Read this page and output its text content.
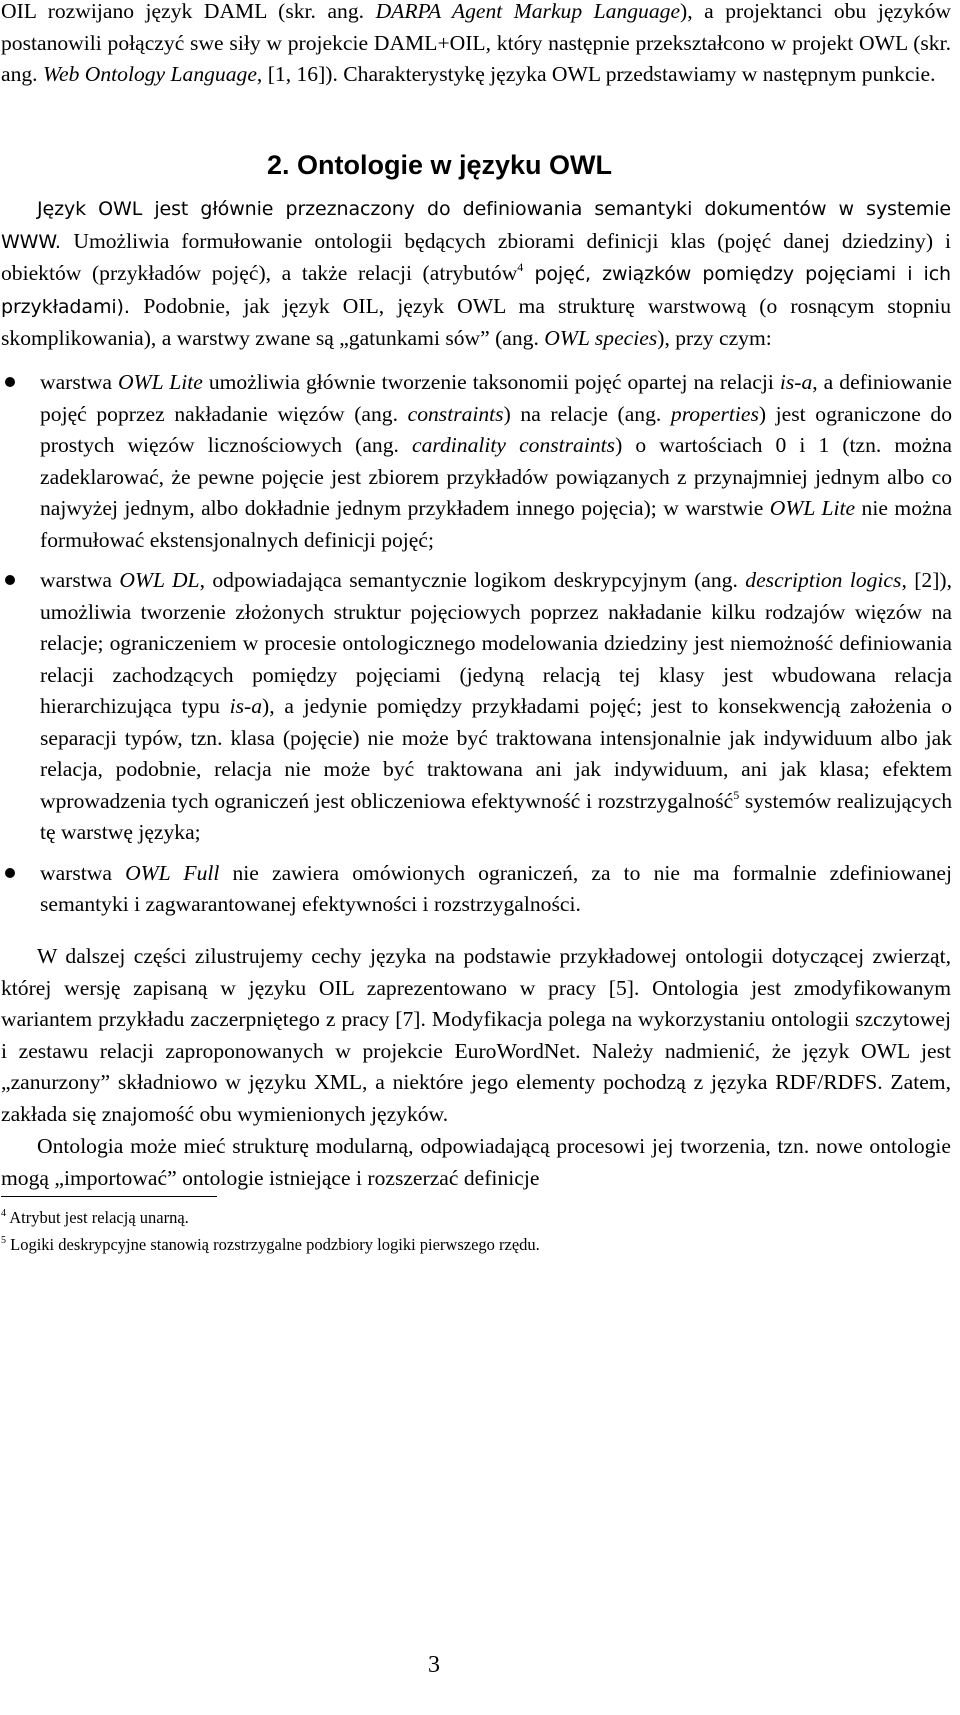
OIL rozwijano język DAML (skr. ang. DARPA Agent Markup Language), a projektanci obu języków postanowili połączyć swe siły w projekcie DAML+OIL, który następnie przekształcono w projekt OWL (skr. ang. Web Ontology Language, [1, 16]). Charakterystykę języka OWL przedstawiamy w następnym punkcie.

2. Ontologie w języku OWL

Język OWL jest głównie przeznaczony do definiowania semantyki dokumentów w systemie WWW. Umożliwia formułowanie ontologii będących zbiorami definicji klas (pojęć danej dziedziny) i obiektów (przykładów pojęć), a także relacji (atrybutów$^4$ pojęć, związków pomiędzy pojęciami i ich przykładami). Podobnie, jak język OIL, język OWL ma strukturę warstwową (o rosnącym stopniu skomplikowania), a warstwy zwane są „gatunkami sów” (ang. OWL species), przy czym:

warstwa OWL Lite umożliwia głównie tworzenie taksonomii pojęć opartej na relacji is-a, a definiowanie pojęć poprzez nakładanie więzów (ang. constraints) na relacje (ang. properties) jest ograniczone do prostych więzów licznościowych (ang. cardinality constraints) o wartościach 0 i 1 (tzn. można zadeklarować, że pewne pojęcie jest zbiorem przykładów powiązanych z przynajmniej jednym albo co najwyżej jednym, albo dokładnie jednym przykładem innego pojęcia); w warstwie OWL Lite nie można formułować ekstensjonalnych definicji pojęć;
warstwa OWL DL, odpowiadająca semantycznie logikom deskrypcyjnym (ang. description logics, [2]), umożliwia tworzenie złożonych struktur pojęciowych poprzez nakładanie kilku rodzajów więzów na relacje; ograniczeniem w procesie ontologicznego modelowania dziedziny jest niemożność definiowania relacji zachodzących pomiędzy pojęciami (jedyną relacją tej klasy jest wbudowana relacja hierarchizująca typu is-a), a jedynie pomiędzy przykładami pojęć; jest to konsekwencją założenia o separacji typów, tzn. klasa (pojęcie) nie może być traktowana intensjonalnie jak indywiduum albo jak relacja, podobnie, relacja nie może być traktowana ani jak indywiduum, ani jak klasa; efektem wprowadzenia tych ograniczeń jest obliczeniowa efektywność i rozstrzygalność$^5$ systemów realizujących tę warstwę języka;
warstwa OWL Full nie zawiera omówionych ograniczeń, za to nie ma formalnie zdefiniowanej semantyki i zagwarantowanej efektywności i rozstrzygalności.

W dalszej części zilustrujemy cechy języka na podstawie przykładowej ontologii dotyczącej zwierząt, której wersję zapisaną w języku OIL zaprezentowano w pracy [5]. Ontologia jest zmodyfikowanym wariantem przykładu zaczerpniętego z pracy [7]. Modyfikacja polega na wykorzystaniu ontologii szczytowej i zestawu relacji zaproponowanych w projekcie EuroWordNet. Należy nadmienić, że język OWL jest „zanurzony” składniowo w języku XML, a niektóre jego elementy pochodzą z języka RDF/RDFS. Zatem, zakłada się znajomość obu wymienionych języków.

Ontologia może mieć strukturę modularną, odpowiadającą procesowi jej tworzenia, tzn. nowe ontologie mogą „importować” ontologie istniejące i rozszerzać definicje

$^4$ Atrybut jest relacją unarną.

$^5$ Logiki deskrypcyjne stanowią rozstrzygalne podzbiory logiki pierwszego rzędu.

3
